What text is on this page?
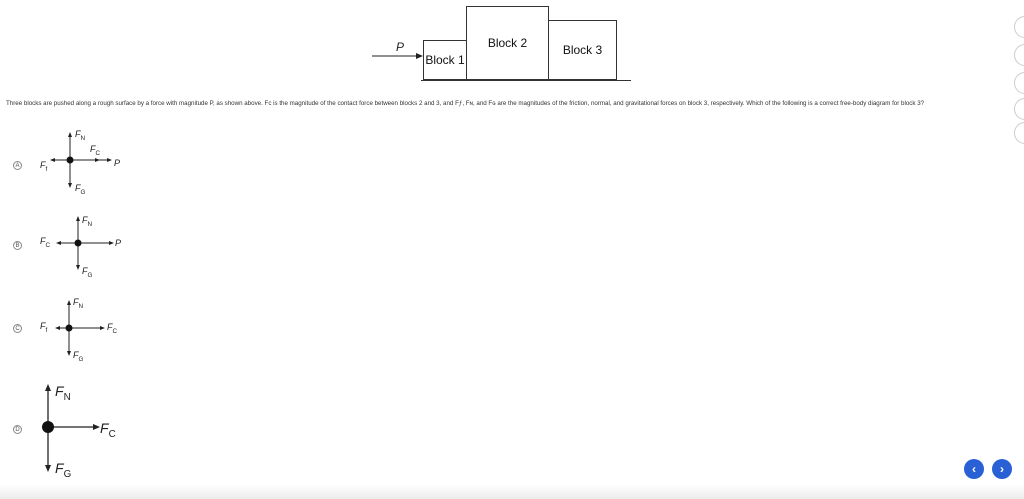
P
Block 1
Block 2	Block 3
Three blocks are pushed along a rough surface by a force with magnitude P, as shown above. Fᴄ is the magnitude of the contact force between blocks 2 and 3, and Fƒ, Fɴ, and Fɢ are the magnitudes of the friction, normal, and gravitational forces on block 3, respectively. Which of the following is a correct free-body diagram for block 3?
A
$F_N$
$F_C$
$F_f$
P
$F_G$
B
$F_N$
$F_C$	P
$F_G$
C
$F_N$
$F_f$	$F_C$
$F_G$
D
$F_N$
$F_C$
$F_G$	‹ ›
